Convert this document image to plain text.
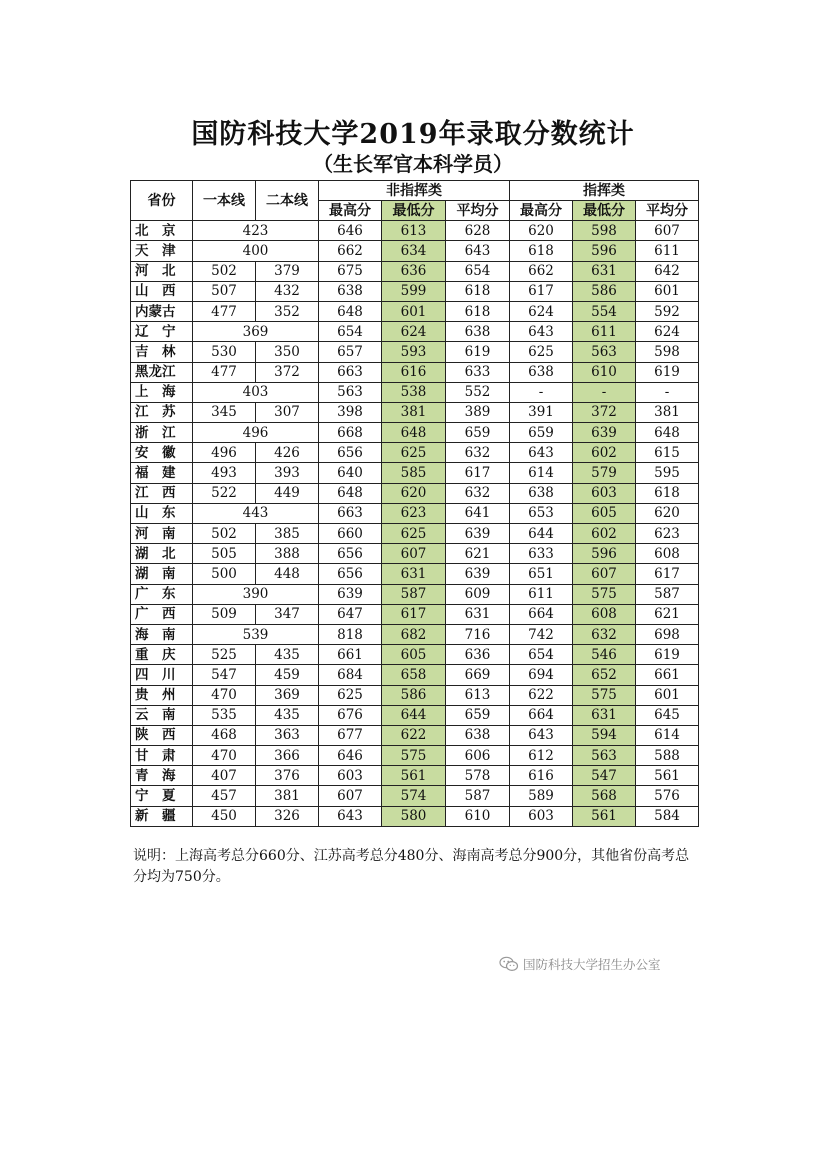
国防科技大学2019年录取分数统计
（生长军官本科学员）
省份	一本线	二本线	非指挥类			指挥类		
			最高分	最低分	平均分	最高分	最低分	平均分
北　京	423		646	613	628	620	598	607
天　津	400		662	634	643	618	596	611
河　北	502	379	675	636	654	662	631	642
山　西	507	432	638	599	618	617	586	601
内蒙古	477	352	648	601	618	624	554	592
辽　宁	369		654	624	638	643	611	624
吉　林	530	350	657	593	619	625	563	598
黑龙江	477	372	663	616	633	638	610	619
上　海	403		563	538	552	-	-	-
江　苏	345	307	398	381	389	391	372	381
浙　江	496		668	648	659	659	639	648
安　徽	496	426	656	625	632	643	602	615
福　建	493	393	640	585	617	614	579	595
江　西	522	449	648	620	632	638	603	618
山　东	443		663	623	641	653	605	620
河　南	502	385	660	625	639	644	602	623
湖　北	505	388	656	607	621	633	596	608
湖　南	500	448	656	631	639	651	607	617
广　东	390		639	587	609	611	575	587
广　西	509	347	647	617	631	664	608	621
海　南	539		818	682	716	742	632	698
重　庆	525	435	661	605	636	654	546	619
四　川	547	459	684	658	669	694	652	661
贵　州	470	369	625	586	613	622	575	601
云　南	535	435	676	644	659	664	631	645
陕　西	468	363	677	622	638	643	594	614
甘　肃	470	366	646	575	606	612	563	588
青　海	407	376	603	561	578	616	547	561
宁　夏	457	381	607	574	587	589	568	576
新　疆	450	326	643	580	610	603	561	584
说明：上海高考总分660分、江苏高考总分480分、海南高考总分900分，其他省份高考总分均为750分。
国防科技大学招生办公室
